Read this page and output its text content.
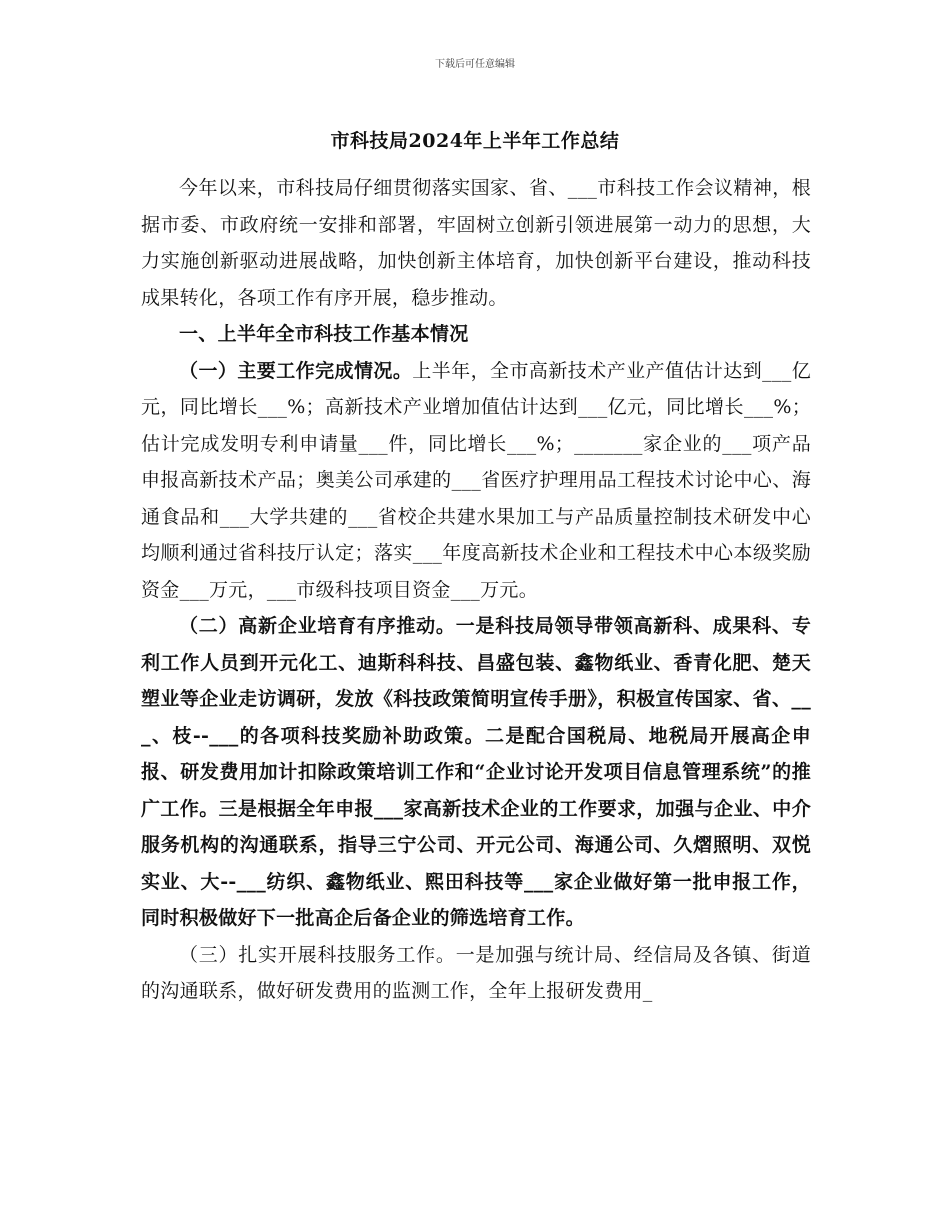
下载后可任意编辑
市科技局2024年上半年工作总结

今年以来，市科技局仔细贯彻落实国家、省、___市科技工作会议精神，根据市委、市政府统一安排和部署，牢固树立创新引领进展第一动力的思想，大力实施创新驱动进展战略，加快创新主体培育，加快创新平台建设，推动科技成果转化，各项工作有序开展，稳步推动。

一、上半年全市科技工作基本情况

（一）主要工作完成情况。上半年，全市高新技术产业产值估计达到___亿元，同比增长___%；高新技术产业增加值估计达到___亿元，同比增长___%；估计完成发明专利申请量___件，同比增长___%；_______家企业的___项产品申报高新技术产品；奥美公司承建的___省医疗护理用品工程技术讨论中心、海通食品和___大学共建的___省校企共建水果加工与产品质量控制技术研发中心均顺利通过省科技厅认定；落实___年度高新技术企业和工程技术中心本级奖励资金___万元，___市级科技项目资金___万元。

（二）高新企业培育有序推动。一是科技局领导带领高新科、成果科、专利工作人员到开元化工、迪斯科科技、昌盛包装、鑫物纸业、香青化肥、楚天塑业等企业走访调研，发放《科技政策简明宣传手册》，积极宣传国家、省、___、枝--___的各项科技奖励补助政策。二是配合国税局、地税局开展高企申报、研发费用加计扣除政策培训工作和“企业讨论开发项目信息管理系统”的推广工作。三是根据全年申报___家高新技术企业的工作要求，加强与企业、中介服务机构的沟通联系，指导三宁公司、开元公司、海通公司、久熠照明、双悦实业、大--___纺织、鑫物纸业、熙田科技等___家企业做好第一批申报工作，同时积极做好下一批高企后备企业的筛选培育工作。

（三）扎实开展科技服务工作。一是加强与统计局、经信局及各镇、街道的沟通联系，做好研发费用的监测工作，全年上报研发费用_
